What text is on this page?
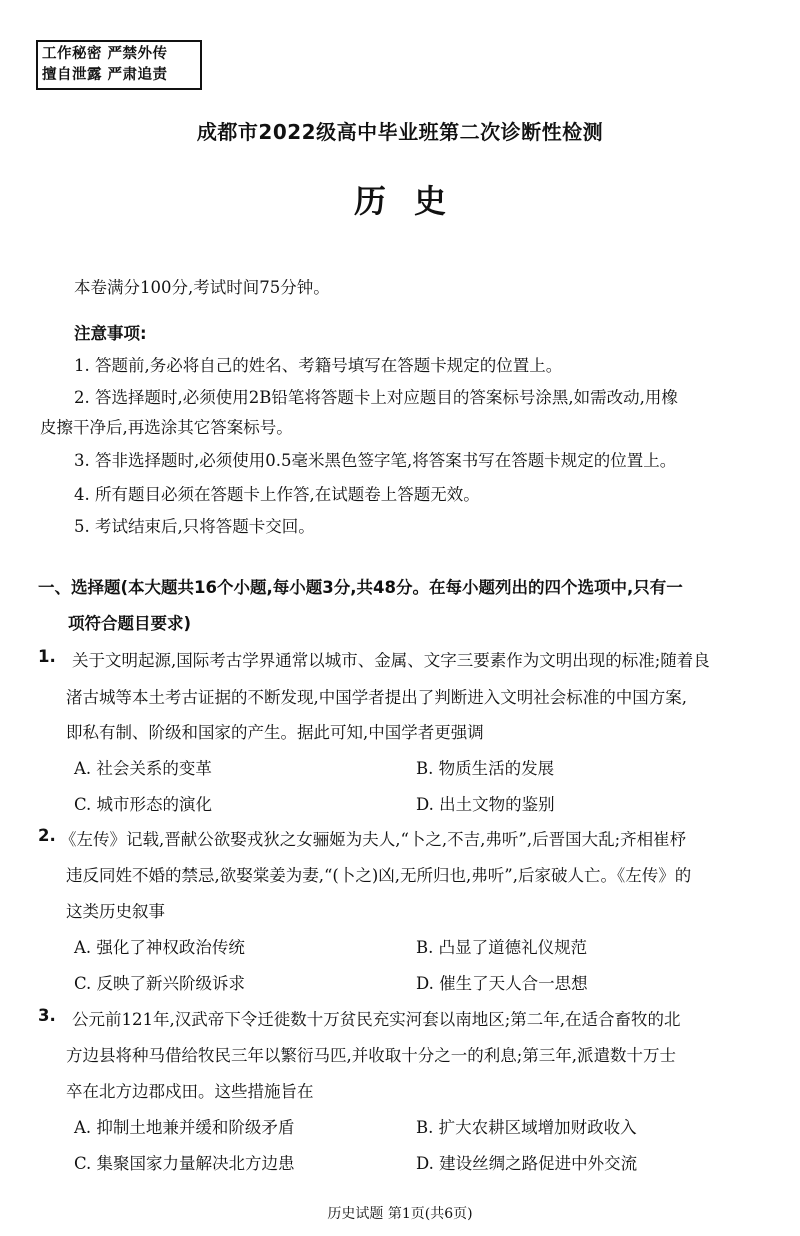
工作秘密 严禁外传
擅自泄露 严肃追责
成都市2022级高中毕业班第二次诊断性检测
历史
本卷满分100分,考试时间75分钟。
注意事项:
1. 答题前,务必将自己的姓名、考籍号填写在答题卡规定的位置上。
2. 答选择题时,必须使用2B铅笔将答题卡上对应题目的答案标号涂黑,如需改动,用橡
皮擦干净后,再选涂其它答案标号。
3. 答非选择题时,必须使用0.5毫米黑色签字笔,将答案书写在答题卡规定的位置上。
4. 所有题目必须在答题卡上作答,在试题卷上答题无效。
5. 考试结束后,只将答题卡交回。
一、选择题(本大题共16个小题,每小题3分,共48分。在每小题列出的四个选项中,只有一
项符合题目要求)
1. 关于文明起源,国际考古学界通常以城市、金属、文字三要素作为文明出现的标准;随着良
渚古城等本土考古证据的不断发现,中国学者提出了判断进入文明社会标准的中国方案,
即私有制、阶级和国家的产生。据此可知,中国学者更强调
A. 社会关系的变革	B. 物质生活的发展
C. 城市形态的演化	D. 出土文物的鉴别
2. 《左传》记载,晋献公欲娶戎狄之女骊姬为夫人,“卜之,不吉,弗听”,后晋国大乱;齐相崔杼
违反同姓不婚的禁忌,欲娶棠姜为妻,“(卜之)凶,无所归也,弗听”,后家破人亡。《左传》的
这类历史叙事
A. 强化了神权政治传统	B. 凸显了道德礼仪规范
C. 反映了新兴阶级诉求	D. 催生了天人合一思想
3. 公元前121年,汉武帝下令迁徙数十万贫民充实河套以南地区;第二年,在适合畜牧的北
方边县将种马借给牧民三年以繁衍马匹,并收取十分之一的利息;第三年,派遣数十万士
卒在北方边郡戍田。这些措施旨在
A. 抑制土地兼并缓和阶级矛盾	B. 扩大农耕区域增加财政收入
C. 集聚国家力量解决北方边患	D. 建设丝绸之路促进中外交流
历史试题 第1页(共6页)
